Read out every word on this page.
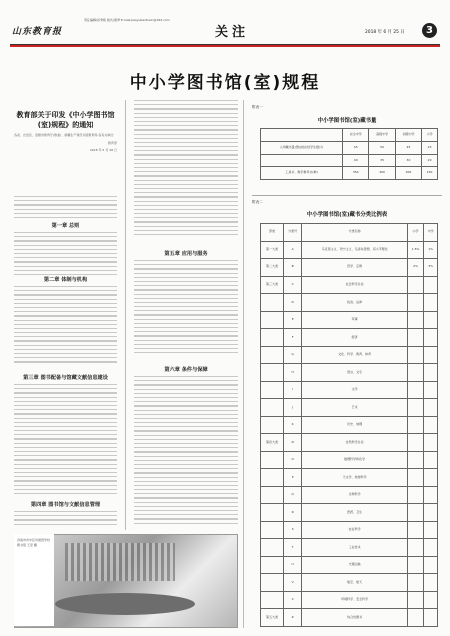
山东教育报
责任编辑/彭秀艳 版式/唐翠 E-mail:jiaoyubaofuxin@163.com
关注	2018 年 6 月 25 日	3
中小学图书馆(室)规程
教育部关于印发《中小学图书馆(室)规程》的通知
各省、自治区、直辖市教育厅(教委)、新疆生产建设兵团教育局,各有关单位:
教育部
2018 年 5 月 28 日
第一章 总则
第二章 体制与机构
第三章 图书配备与馆藏文献信息建设
第四章 图书馆与文献信息管理
第五章 应用与服务
第六章 条件与保障
济南市市中区外国语学校图书馆 王宏 摄
附表一
中小学图书馆(室)藏书量
	完全中学	高级中学	初级中学	小学
人均藏书量(册)(按在校学生数计)	45	50	45	25
	40	35	30	20
工具书、教学参考书(种)	350	300	200	150
附表二
中小学图书馆(室)藏书分类比例表
部类	分类号	分类名称	小学	中学
第一大类	A	马克思主义、列宁主义、毛泽东思想、邓小平理论	1.5%	1%
第二大类	B	哲学、宗教	2%	3%
第三大类	C	社会科学总论		
	D	政治、法律		
	E	军事		
	F	经济		
	G	文化、科学、教育、体育		
	H	语言、文字		
	I	文学		
	J	艺术		
	K	历史、地理		
第四大类	N	自然科学总论		
	O	数理科学和化学		
	P	天文学、地球科学		
	Q	生物科学		
	R	医药、卫生		
	S	农业科学		
	T	工业技术		
	U	交通运输		
	V	航空、航天		
	X	环境科学、安全科学		
第五大类	Z	综合性图书		
